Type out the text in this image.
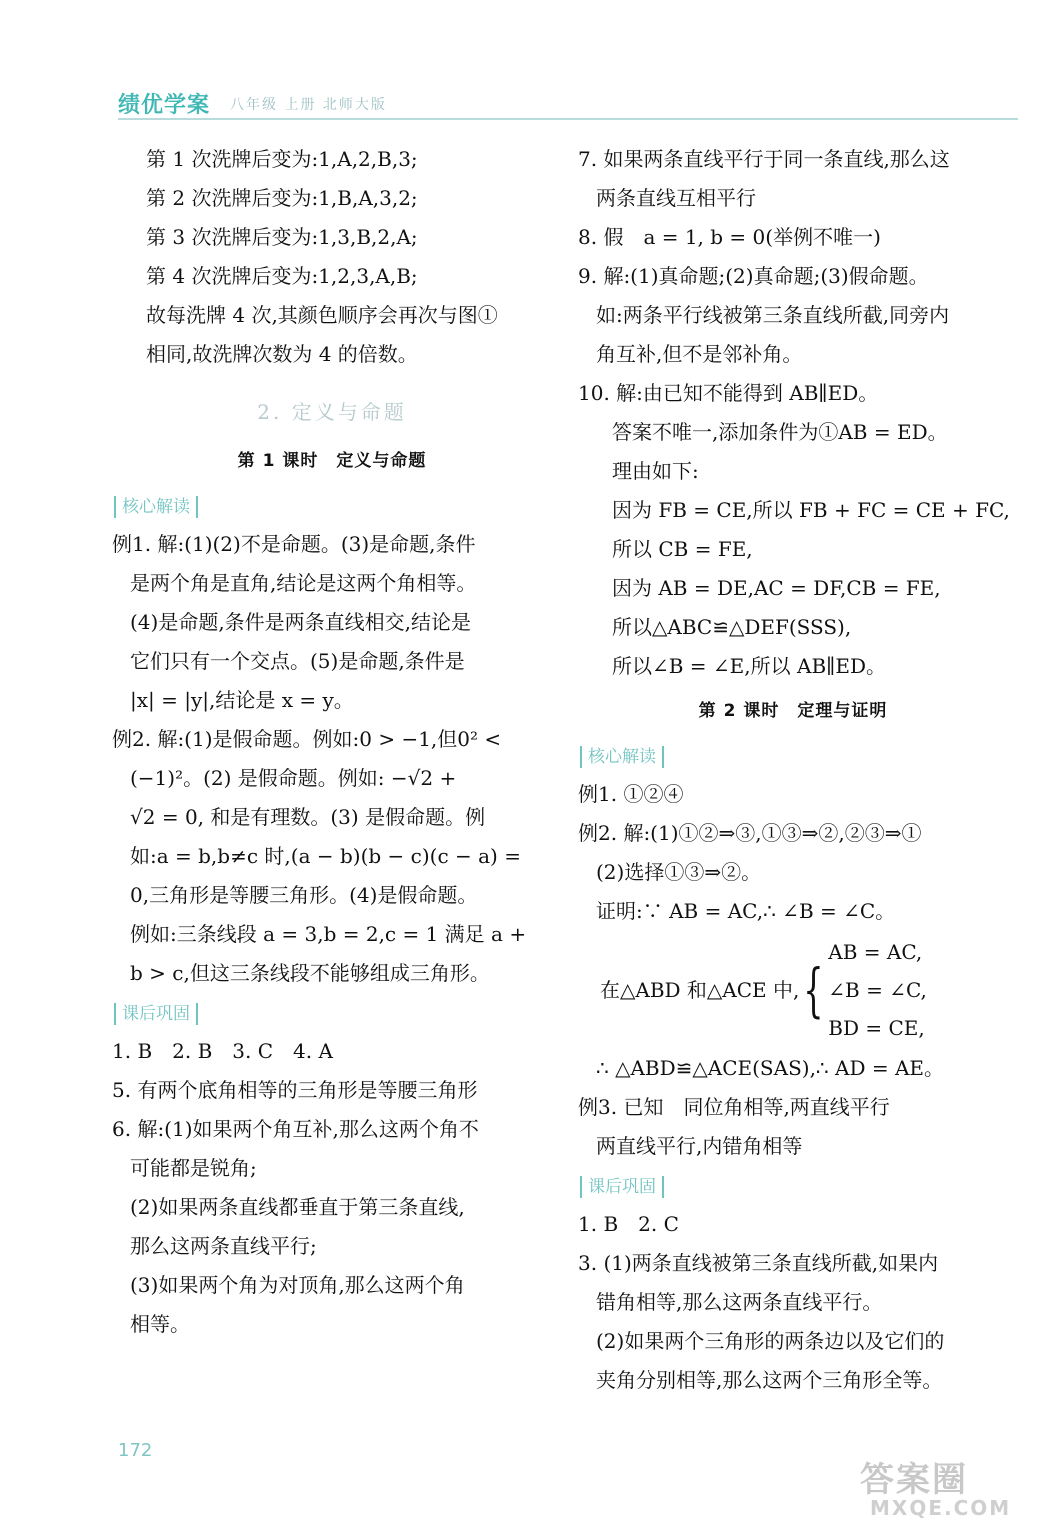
绩优学案 八年级 上册 北师大版
第 1 次洗牌后变为:1,A,2,B,3;
第 2 次洗牌后变为:1,B,A,3,2;
第 3 次洗牌后变为:1,3,B,2,A;
第 4 次洗牌后变为:1,2,3,A,B;
故每洗牌 4 次,其颜色顺序会再次与图①
相同,故洗牌次数为 4 的倍数。
2. 定义与命题
第 1 课时　定义与命题
核心解读
例1. 解:(1)(2)不是命题。(3)是命题,条件
是两个角是直角,结论是这两个角相等。
(4)是命题,条件是两条直线相交,结论是
它们只有一个交点。(5)是命题,条件是
|x| = |y|,结论是 x = y。
例2. 解:(1)是假命题。例如:0 > −1,但0² <
(−1)²。(2) 是假命题。例如: −√2 +
√2 = 0, 和是有理数。(3) 是假命题。例
如:a = b,b≠c 时,(a − b)(b − c)(c − a) =
0,三角形是等腰三角形。(4)是假命题。
例如:三条线段 a = 3,b = 2,c = 1 满足 a +
b > c,但这三条线段不能够组成三角形。
课后巩固
1. B　2. B　3. C　4. A
5. 有两个底角相等的三角形是等腰三角形
6. 解:(1)如果两个角互补,那么这两个角不
可能都是锐角;
(2)如果两条直线都垂直于第三条直线,
那么这两条直线平行;
(3)如果两个角为对顶角,那么这两个角
相等。
7. 如果两条直线平行于同一条直线,那么这
两条直线互相平行
8. 假　a = 1, b = 0(举例不唯一)
9. 解:(1)真命题;(2)真命题;(3)假命题。
如:两条平行线被第三条直线所截,同旁内
角互补,但不是邻补角。
10. 解:由已知不能得到 AB∥ED。
答案不唯一,添加条件为①AB = ED。
理由如下:
因为 FB = CE,所以 FB + FC = CE + FC,
所以 CB = FE,
因为 AB = DE,AC = DF,CB = FE,
所以△ABC≌△DEF(SSS),
所以∠B = ∠E,所以 AB∥ED。
第 2 课时　定理与证明
核心解读
例1. ①②④
例2. 解:(1)①②⇒③,①③⇒②,②③⇒①
(2)选择①③⇒②。
证明:∵ AB = AC,∴ ∠B = ∠C。
在△ABD 和△ACE 中, {
AB = AC,
∠B = ∠C,
BD = CE,
∴ △ABD≌△ACE(SAS),∴ AD = AE。
例3. 已知　同位角相等,两直线平行
两直线平行,内错角相等
课后巩固
1. B　2. C
3. (1)两条直线被第三条直线所截,如果内
错角相等,那么这两条直线平行。
(2)如果两个三角形的两条边以及它们的
夹角分别相等,那么这两个三角形全等。
172
答案圈
MXQE.COM
